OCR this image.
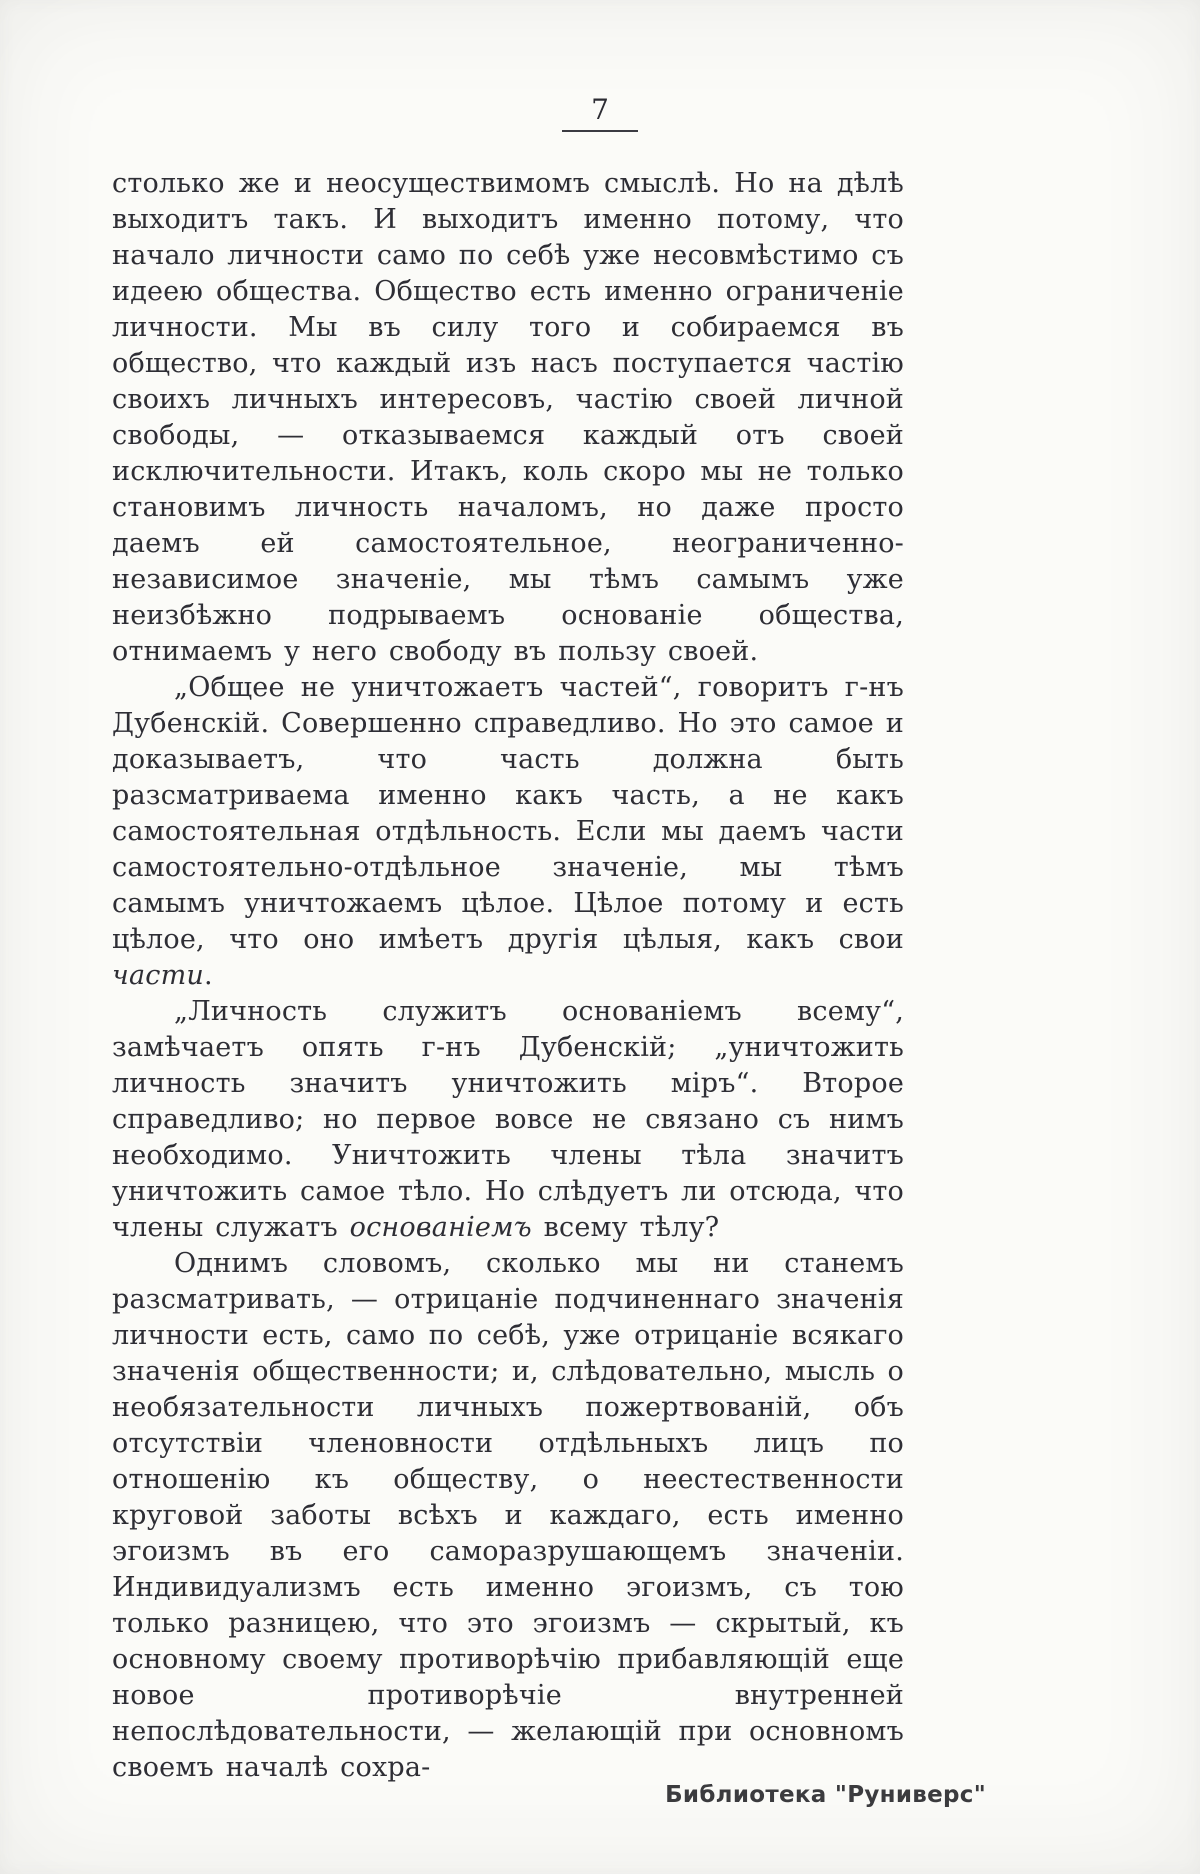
7

столько же и неосуществимомъ смыслѣ. Но на дѣлѣ выходитъ такъ. И выходитъ именно потому, что начало личности само по себѣ уже несовмѣстимо съ идеею общества. Общество есть именно ограниченіе личности. Мы въ силу того и собираемся въ общество, что каждый изъ насъ поступается частію своихъ личныхъ интересовъ, частію своей личной свободы, — отказываемся каждый отъ своей исключительности. Итакъ, коль скоро мы не только становимъ личность началомъ, но даже просто даемъ ей самостоятельное, неограниченно-независимое значеніе, мы тѣмъ самымъ уже неизбѣжно подрываемъ основаніе общества, отнимаемъ у него свободу въ пользу своей.

„Общее не уничтожаетъ частей“, говоритъ г-нъ Дубенскій. Совершенно справедливо. Но это самое и доказываетъ, что часть должна быть разсматриваема именно какъ часть, а не какъ самостоятельная отдѣльность. Если мы даемъ части самостоятельно-отдѣльное значеніе, мы тѣмъ самымъ уничтожаемъ цѣлое. Цѣлое потому и есть цѣлое, что оно имѣетъ другія цѣлыя, какъ свои части.

„Личность служитъ основаніемъ всему“, замѣчаетъ опять г-нъ Дубенскій; „уничтожить личность значитъ уничтожить міръ“. Второе справедливо; но первое вовсе не связано съ нимъ необходимо. Уничтожить члены тѣла значитъ уничтожить самое тѣло. Но слѣдуетъ ли отсюда, что члены служатъ основаніемъ всему тѣлу?

Однимъ словомъ, сколько мы ни станемъ разсматривать, — отрицаніе подчиненнаго значенія личности есть, само по себѣ, уже отрицаніе всякаго значенія общественности; и, слѣдовательно, мысль о необязательности личныхъ пожертвованій, объ отсутствіи членовности отдѣльныхъ лицъ по отношенію къ обществу, о неестественности круговой заботы всѣхъ и каждаго, есть именно эгоизмъ въ его саморазрушающемъ значеніи. Индивидуализмъ есть именно эгоизмъ, съ тою только разницею, что это эгоизмъ — скрытый, къ основному своему противорѣчію прибавляющій еще новое противорѣчіе внутренней непослѣдовательности, — желающій при основномъ своемъ началѣ сохра-

Библиотека "Руниверс"
